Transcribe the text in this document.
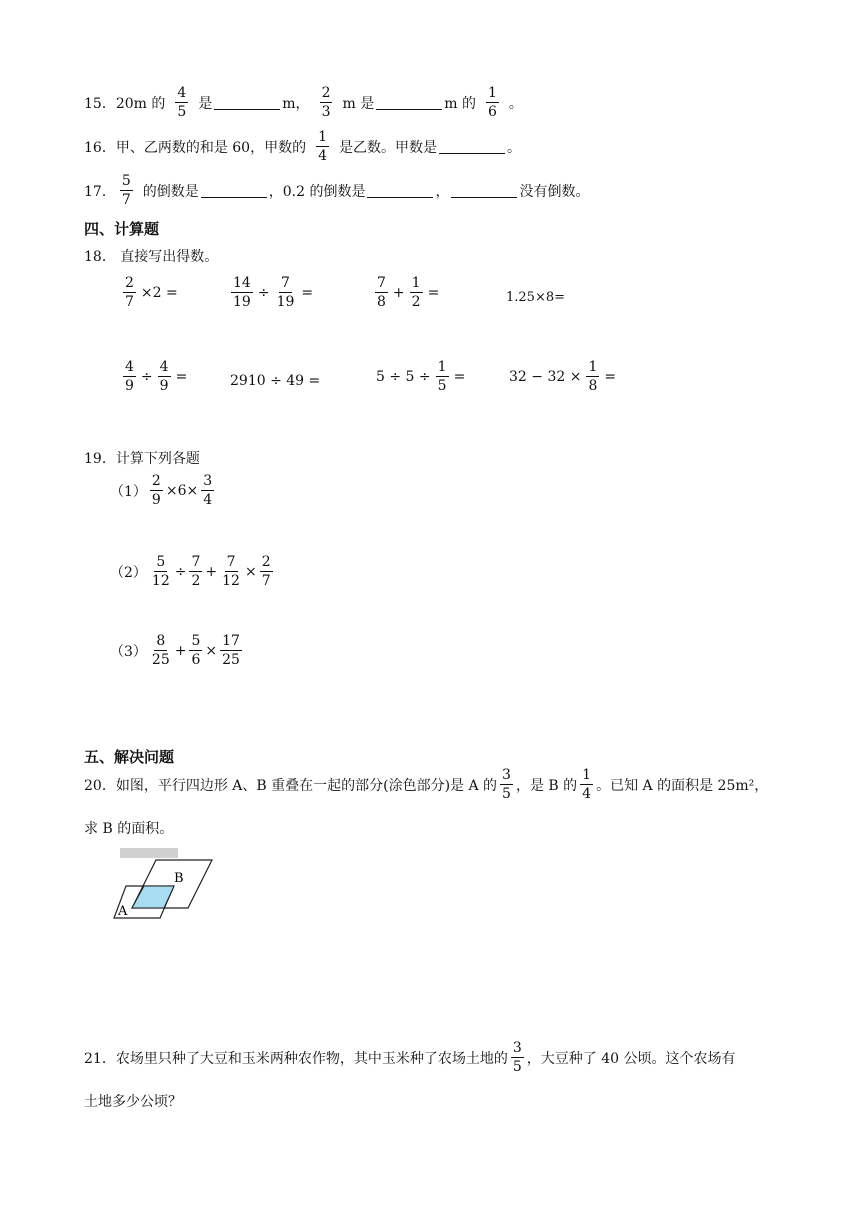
15．20m 的 $\frac{4}{5}$ 是	m， $\frac{2}{3}$ m 是	m 的 $\frac{1}{6}$ 。
16．甲、乙两数的和是 60，甲数的 $\frac{1}{4}$ 是乙数。甲数是	。
17． $\frac{5}{7}$ 的倒数是	，0.2 的倒数是	，	没有倒数。
四、计算题
18． 直接写出得数。
$\frac{2}{7} \times 2$ =	$\frac{14}{19} \div \frac{7}{19}$ =	$\frac{7}{8} + \frac{1}{2}$ =	1.25×8=
$\frac{4}{9} \div \frac{4}{9}$ =	2910 ÷ 49 =	$5 \div 5 \div \frac{1}{5}$ =	$32 - 32 \times \frac{1}{8}$ =
19．计算下列各题
$(1) \frac{2}{9} \times 6\times \frac{3}{4}$
$(2) \frac{5}{12} \div \frac{7}{2} + \frac{7}{12} \times \frac{2}{7}$
$(3) \frac{8}{25} + \frac{5}{6} \times \frac{17}{25}$
五、解决问题
20．如图，平行四边形 A、B 重叠在一起的部分(涂色部分)是 A 的 $\frac{3}{5}$ ，是 B 的 $\frac{1}{4}$ 。已知 A 的面积是 25m²，
求 B 的面积。
A
B
21．农场里只种了大豆和玉米两种农作物，其中玉米种了农场土地的 $\frac{3}{5}$ ，大豆种了 40 公顷。这个农场有
土地多少公顷？
